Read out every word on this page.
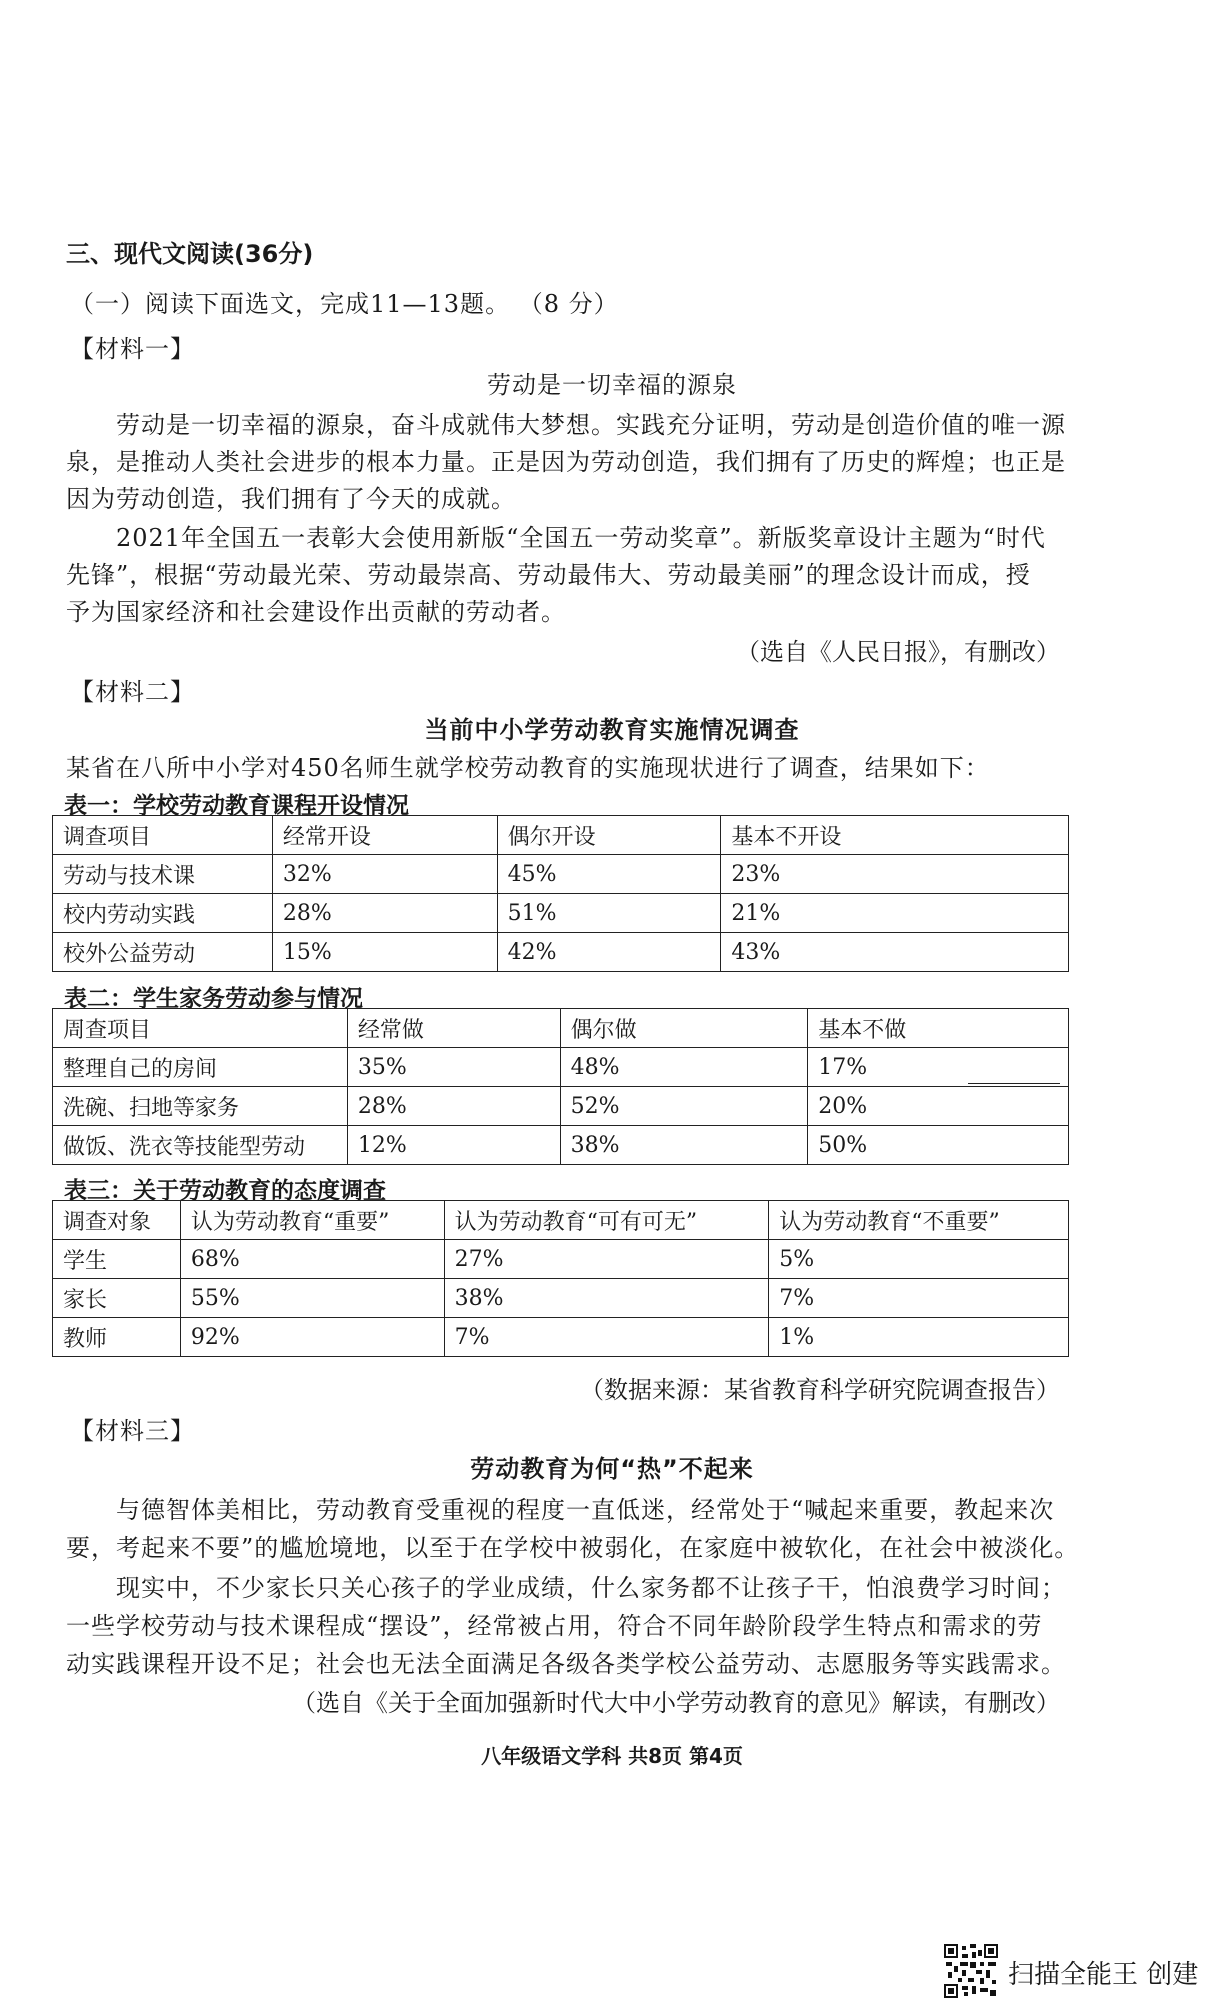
三、现代文阅读(36分)
（一）阅读下面选文，完成11—13题。 （8 分）
【材料一】
劳动是一切幸福的源泉
劳动是一切幸福的源泉，奋斗成就伟大梦想。实践充分证明，劳动是创造价值的唯一源
泉，是推动人类社会进步的根本力量。正是因为劳动创造，我们拥有了历史的辉煌；也正是
因为劳动创造，我们拥有了今天的成就。
2021年全国五一表彰大会使用新版“全国五一劳动奖章”。新版奖章设计主题为“时代
先锋”，根据“劳动最光荣、劳动最崇高、劳动最伟大、劳动最美丽”的理念设计而成，授
予为国家经济和社会建设作出贡献的劳动者。
（选自《人民日报》，有删改）
【材料二】
当前中小学劳动教育实施情况调查
某省在八所中小学对450名师生就学校劳动教育的实施现状进行了调查，结果如下：
表一：学校劳动教育课程开设情况
调查项目	经常开设	偶尔开设	基本不开设
劳动与技术课	32%	45%	23%
校内劳动实践	28%	51%	21%
校外公益劳动	15%	42%	43%
表二：学生家务劳动参与情况
周查项目	经常做	偶尔做	基本不做
整理自己的房间	35%	48%	17%
洗碗、扫地等家务	28%	52%	20%
做饭、洗衣等技能型劳动	12%	38%	50%
表三：关于劳动教育的态度调查
调查对象	认为劳动教育“重要”	认为劳动教育“可有可无”	认为劳动教育“不重要”
学生	68%	27%	5%
家长	55%	38%	7%
教师	92%	7%	1%
（数据来源：某省教育科学研究院调查报告）
【材料三】
劳动教育为何“热”不起来
与德智体美相比，劳动教育受重视的程度一直低迷，经常处于“喊起来重要，教起来次
要，考起来不要”的尴尬境地，以至于在学校中被弱化，在家庭中被软化，在社会中被淡化。
现实中，不少家长只关心孩子的学业成绩，什么家务都不让孩子干，怕浪费学习时间；
一些学校劳动与技术课程成“摆设”，经常被占用，符合不同年龄阶段学生特点和需求的劳
动实践课程开设不足；社会也无法全面满足各级各类学校公益劳动、志愿服务等实践需求。
（选自《关于全面加强新时代大中小学劳动教育的意见》解读，有删改）
八年级语文学科 共8页 第4页
扫描全能王 创建
